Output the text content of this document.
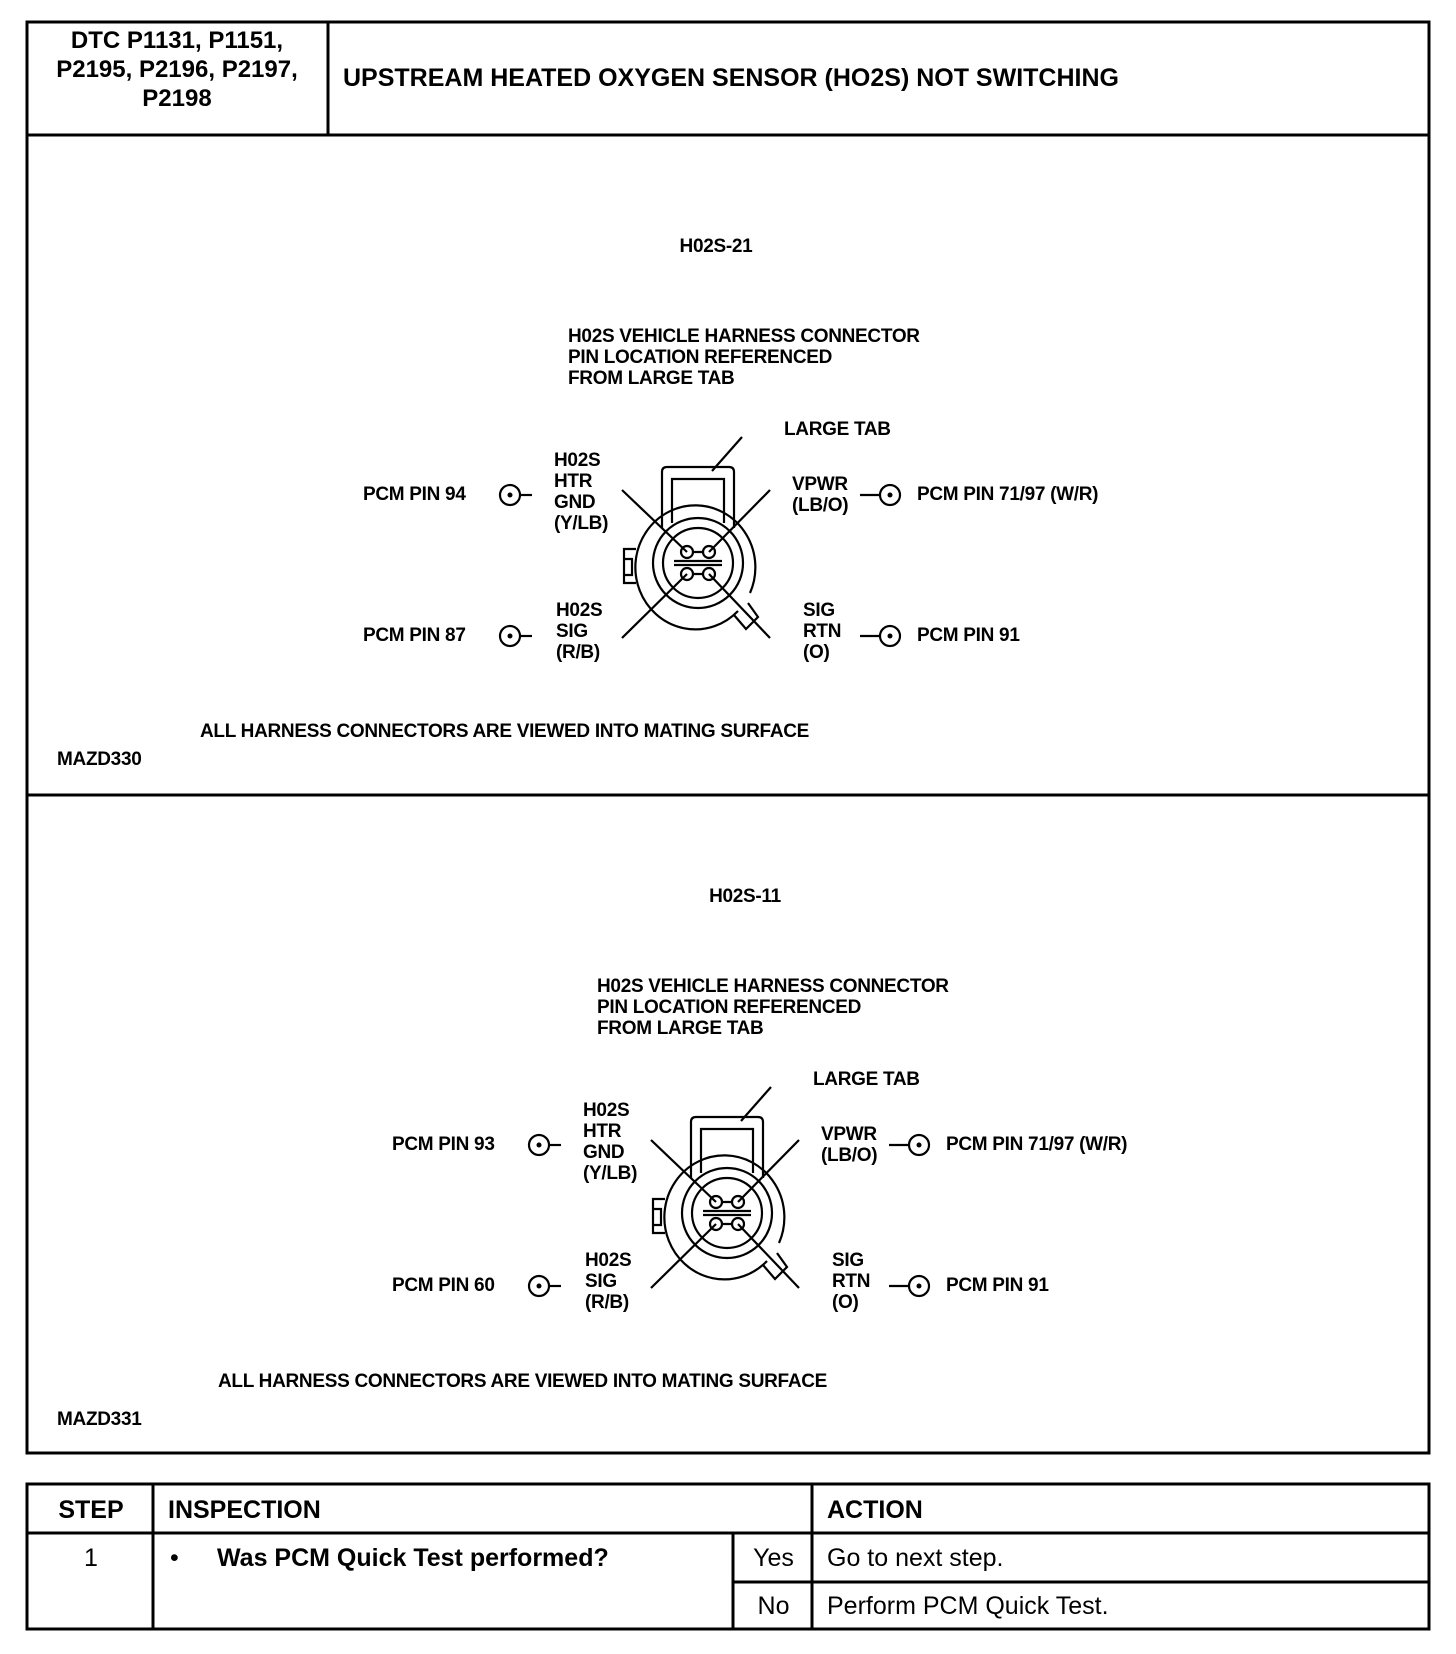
DTC P1131, P1151,
P2195, P2196, P2197,
P2198
UPSTREAM HEATED OXYGEN SENSOR (HO2S) NOT SWITCHING
H02S-21
H02S VEHICLE HARNESS CONNECTOR
PIN LOCATION REFERENCED
FROM LARGE TAB
LARGE TAB
H02S
HTR
GND
(Y/LB)
PCM PIN 94	VPWR
(LB/O)
PCM PIN 71/97 (W/R)
H02S
SIG
(R/B)
PCM PIN 87
SIG
RTN
(O)
PCM PIN 91
ALL HARNESS CONNECTORS ARE VIEWED INTO MATING SURFACE
MAZD330
H02S-11
H02S VEHICLE HARNESS CONNECTOR
PIN LOCATION REFERENCED
FROM LARGE TAB
LARGE TAB
H02S
HTR
GND
(Y/LB)
PCM PIN 93	VPWR
(LB/O)
PCM PIN 71/97 (W/R)
H02S
SIG
(R/B)
PCM PIN 60
SIG
RTN
(O)
PCM PIN 91
ALL HARNESS CONNECTORS ARE VIEWED INTO MATING SURFACE
MAZD331
STEP INSPECTION	ACTION
1	• Was PCM Quick Test performed?	Yes	Go to next step.
No	Perform PCM Quick Test.
